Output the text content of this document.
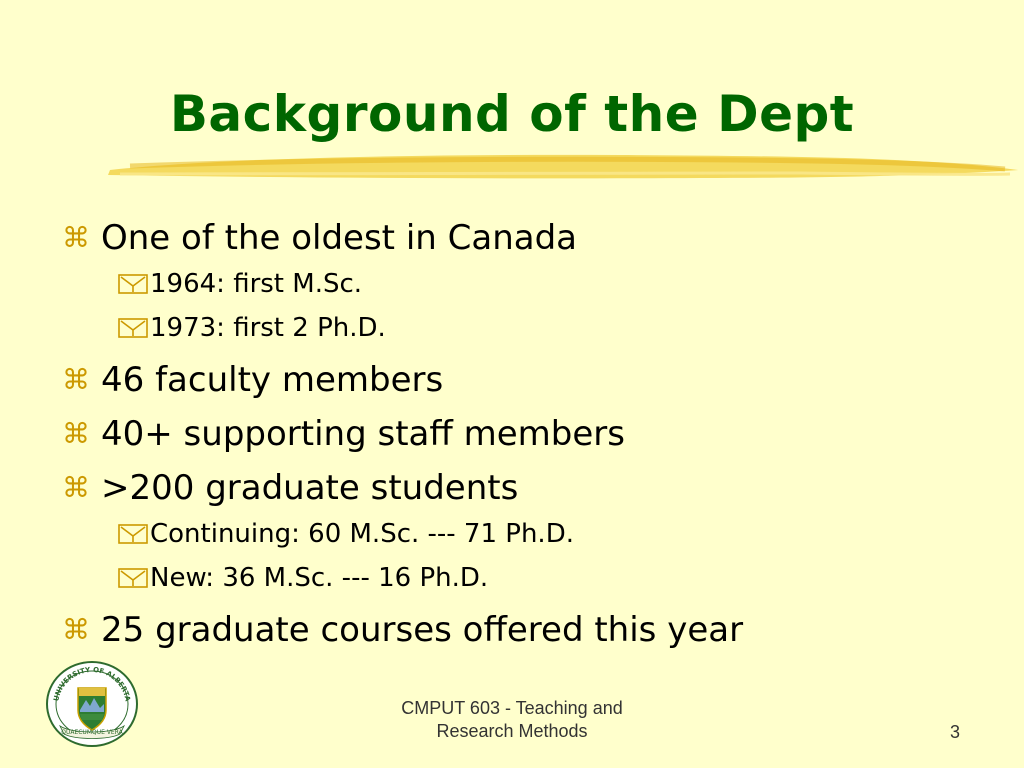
Background of the Dept
⌘ One of the oldest in Canada
1964: first M.Sc.
1973: first 2 Ph.D.
⌘ 46 faculty members
⌘ 40+ supporting staff members
⌘ >200 graduate students
Continuing: 60 M.Sc. --- 71 Ph.D.
New: 36 M.Sc. --- 16 Ph.D.
⌘ 25 graduate courses offered this year
UNIVERSITY OF ALBERTA
QUAECUMQUE VERA
CMPUT 603 - Teaching and
Research Methods	3
